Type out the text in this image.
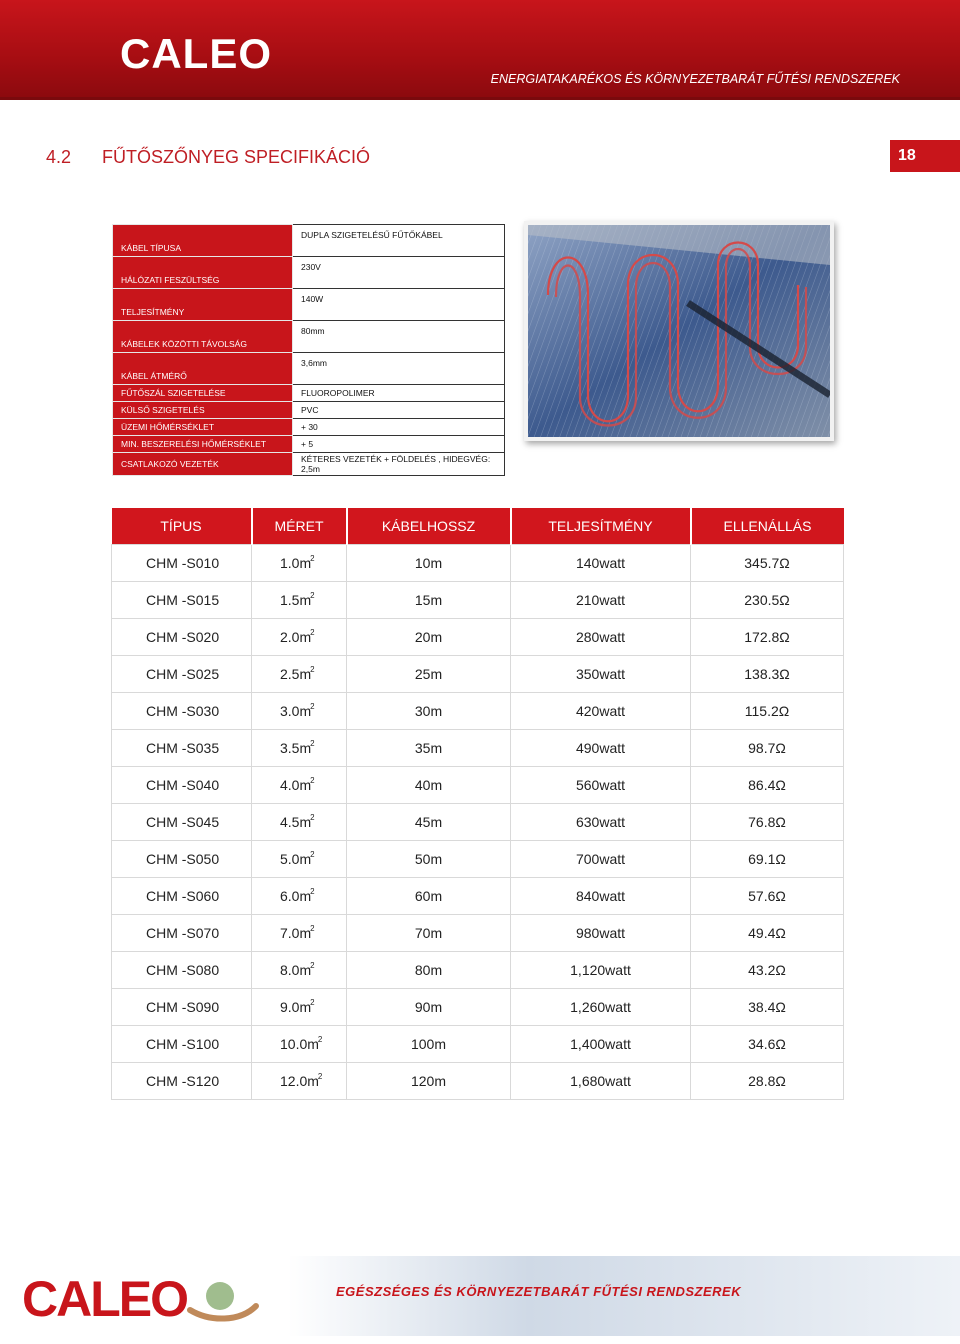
CALEO
ENERGIATAKARÉKOS ÉS KÖRNYEZETBARÁT FŰTÉSI RENDSZEREK
4.2 FŰTŐSZŐNYEG SPECIFIKÁCIÓ	18
KÁBEL TÍPUSA	DUPLA SZIGETELÉSŰ FŰTŐKÁBEL
HÁLÓZATI FESZÜLTSÉG	230V
TELJESÍTMÉNY	140W
KÁBELEK KÖZÖTTI TÁVOLSÁG	80mm
KÁBEL ÁTMÉRŐ	3,6mm
FŰTŐSZÁL SZIGETELÉSE	FLUOROPOLIMER
KÜLSŐ SZIGETELÉS	PVC
ÜZEMI HŐMÉRSÉKLET	+ 30
MIN. BESZERELÉSI HŐMÉRSÉKLET	+ 5
CSATLAKOZÓ VEZETÉK	KÉTERES VEZETÉK + FÖLDELÉS , HIDEGVÉG: 2,5m
TÍPUS	MÉRET	KÁBELHOSSZ	TELJESÍTMÉNY	ELLENÁLLÁS
CHM -S010	$1.0m^2$	10m	140watt	345.7Ω
CHM -S015	$1.5m^2$	15m	210watt	230.5Ω
CHM -S020	$2.0m^2$	20m	280watt	172.8Ω
CHM -S025	$2.5m^2$	25m	350watt	138.3Ω
CHM -S030	$3.0m^2$	30m	420watt	115.2Ω
CHM -S035	$3.5m^2$	35m	490watt	98.7Ω
CHM -S040	$4.0m^2$	40m	560watt	86.4Ω
CHM -S045	$4.5m^2$	45m	630watt	76.8Ω
CHM -S050	$5.0m^2$	50m	700watt	69.1Ω
CHM -S060	$6.0m^2$	60m	840watt	57.6Ω
CHM -S070	$7.0m^2$	70m	980watt	49.4Ω
CHM -S080	$8.0m^2$	80m	1,120watt	43.2Ω
CHM -S090	$9.0m^2$	90m	1,260watt	38.4Ω
CHM -S100	$10.0m^2$	100m	1,400watt	34.6Ω
CHM -S120	$12.0m^2$	120m	1,680watt	28.8Ω
CALEO	EGÉSZSÉGES ÉS KÖRNYEZETBARÁT FŰTÉSI RENDSZEREK
